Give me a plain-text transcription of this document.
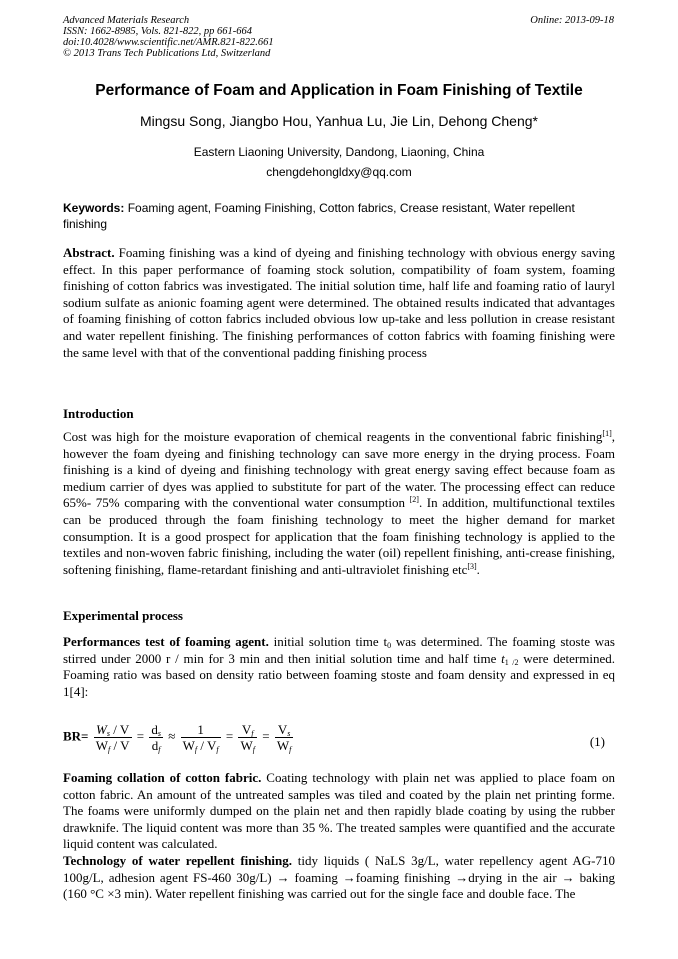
Advanced Materials Research
ISSN: 1662-8985, Vols. 821-822, pp 661-664
doi:10.4028/www.scientific.net/AMR.821-822.661
© 2013 Trans Tech Publications Ltd, Switzerland
Online: 2013-09-18
Performance of Foam and Application in Foam Finishing of Textile
Mingsu Song, Jiangbo Hou, Yanhua Lu, Jie Lin, Dehong Cheng*
Eastern Liaoning University, Dandong, Liaoning, China
chengdehongldxy@qq.com
Keywords: Foaming agent, Foaming Finishing, Cotton fabrics, Crease resistant, Water repellent finishing
Abstract. Foaming finishing was a kind of dyeing and finishing technology with obvious energy saving effect. In this paper performance of foaming stock solution, compatibility of foam system, foaming finishing of cotton fabrics was investigated. The initial solution time, half life and foaming ratio of lauryl sodium sulfate as anionic foaming agent were determined. The obtained results indicated that advantages of foaming finishing of cotton fabrics included obvious low up-take and less pollution in crease resistant and water repellent finishing. The finishing performances of cotton fabrics with foaming finishing were the same level with that of the conventional padding finishing process
Introduction
Cost was high for the moisture evaporation of chemical reagents in the conventional fabric finishing[1], however the foam dyeing and finishing technology can save more energy in the drying process. Foam finishing is a kind of dyeing and finishing technology with great energy saving effect because foam as medium carrier of dyes was applied to substitute for part of the water. The processing effect can reduce 65%- 75% comparing with the conventional water consumption [2]. In addition, multifunctional textiles can be produced through the foam finishing technology to meet the higher demand for market consumption. It is a good prospect for application that the foam finishing technology is applied to the textiles and non-woven fabric finishing, including the water (oil) repellent finishing, anti-crease finishing, softening finishing, flame-retardant finishing and anti-ultraviolet finishing etc[3].
Experimental process
Performances test of foaming agent. initial solution time $t_0$ was determined. The foaming stoste was stirred under 2000 r / min for 3 min and then initial solution time and half time $t_{1 /2}$ were determined. Foaming ratio was based on density ratio between foaming stoste and foam density and expressed in eq 1[4]:
$BR= \frac{W_s / V}{W_f / V} = \frac{d_s}{d_f} \approx \frac{1}{W_f / V_f} = \frac{V_f}{W_f} = \frac{V_s}{W_f}$	(1)

Foaming collation of cotton fabric. Coating technology with plain net was applied to place foam on cotton fabric. An amount of the untreated samples was tiled and coated by the plain net printing forme. The foams were uniformly dumped on the plain net and then rapidly blade coating by using the rubber drawknife. The liquid content was more than 35 %. The treated samples were quantified and the accurate liquid content was calculated.

Technology of water repellent finishing. tidy liquids ( NaLS 3g/L, water repellency agent AG-710 100g/L, adhesion agent FS-460 30g/L) → foaming →foaming finishing →drying in the air → baking (160 °C ×3 min). Water repellent finishing was carried out for the single face and double face. The
